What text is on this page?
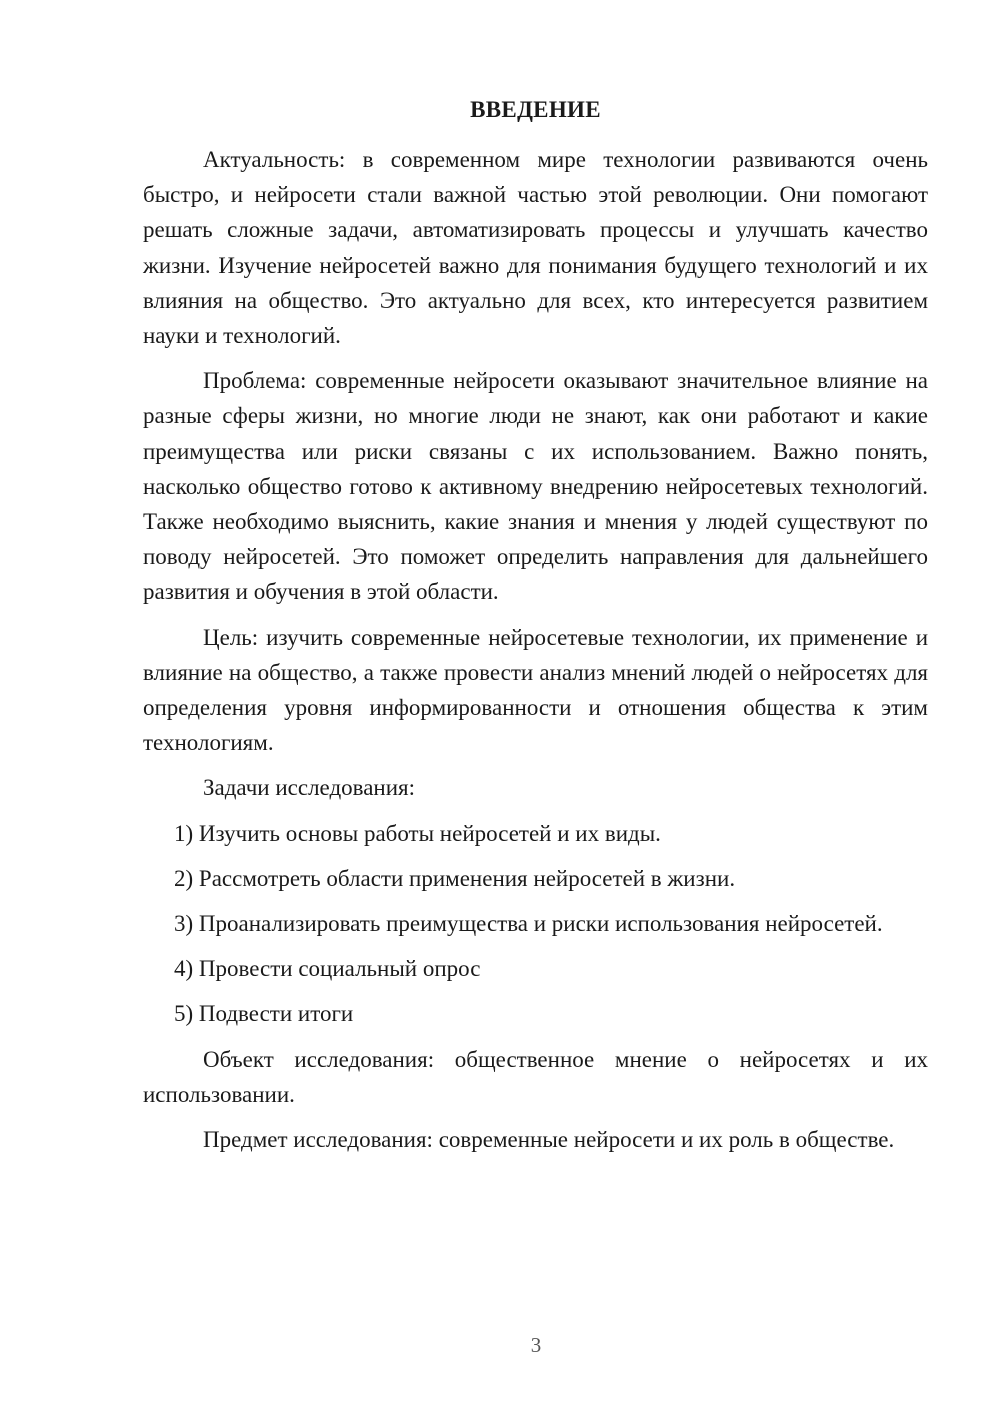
ВВЕДЕНИЕ

Актуальность: в современном мире технологии развиваются очень быстро, и нейросети стали важной частью этой революции. Они помогают решать сложные задачи, автоматизировать процессы и улучшать качество жизни. Изучение нейросетей важно для понимания будущего технологий и их влияния на общество. Это актуально для всех, кто интересуется развитием науки и технологий.

Проблема: современные нейросети оказывают значительное влияние на разные сферы жизни, но многие люди не знают, как они работают и какие преимущества или риски связаны с их использованием. Важно понять, насколько общество готово к активному внедрению нейросетевых технологий. Также необходимо выяснить, какие знания и мнения у людей существуют по поводу нейросетей. Это поможет определить направления для дальнейшего развития и обучения в этой области.

Цель: изучить современные нейросетевые технологии, их применение и влияние на общество, а также провести анализ мнений людей о нейросетях для определения уровня информированности и отношения общества к этим технологиям.

Задачи исследования:

1) Изучить основы работы нейросетей и их виды.

2) Рассмотреть области применения нейросетей в жизни.

3) Проанализировать преимущества и риски использования нейросетей.

4) Провести социальный опрос

5) Подвести итоги

Объект исследования: общественное мнение о нейросетях и их использовании.

Предмет исследования: современные нейросети и их роль в обществе.

3
